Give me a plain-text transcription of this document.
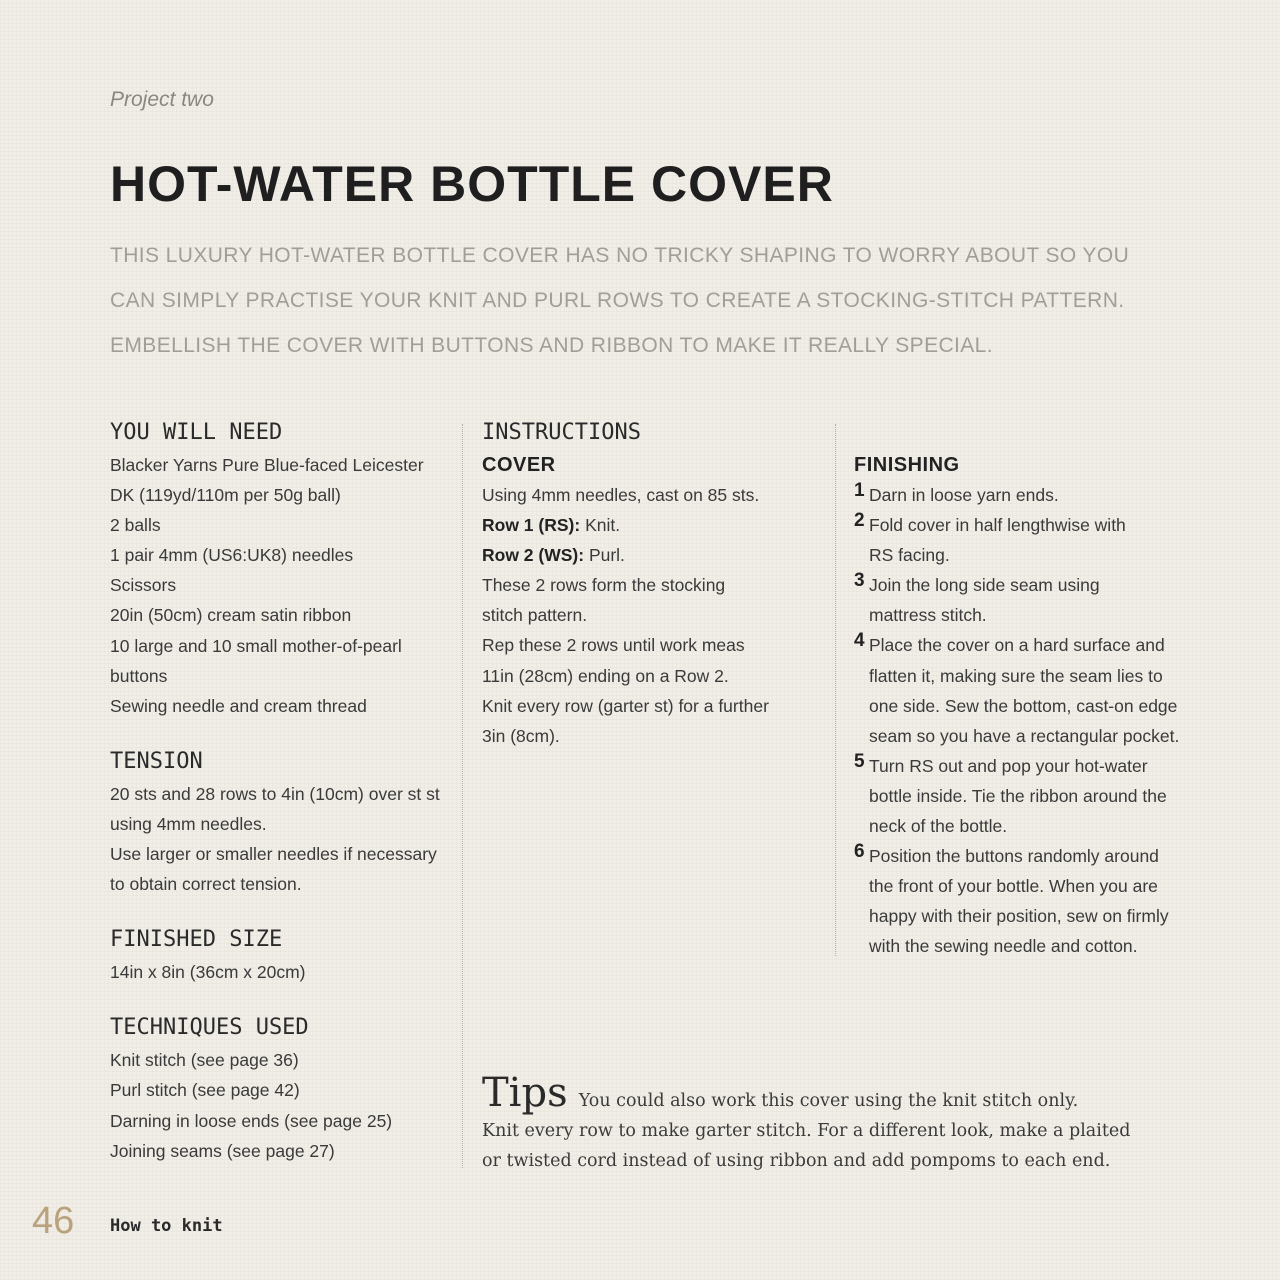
Project two
HOT-WATER BOTTLE COVER
THIS LUXURY HOT-WATER BOTTLE COVER HAS NO TRICKY SHAPING TO WORRY ABOUT SO YOU
CAN SIMPLY PRACTISE YOUR KNIT AND PURL ROWS TO CREATE A STOCKING-STITCH PATTERN.
EMBELLISH THE COVER WITH BUTTONS AND RIBBON TO MAKE IT REALLY SPECIAL.
YOU WILL NEED
Blacker Yarns Pure Blue-faced Leicester
DK (119yd/110m per 50g ball)
2 balls
1 pair 4mm (US6:UK8) needles
Scissors
20in (50cm) cream satin ribbon
10 large and 10 small mother-of-pearl
buttons
Sewing needle and cream thread
TENSION
20 sts and 28 rows to 4in (10cm) over st st
using 4mm needles.
Use larger or smaller needles if necessary
to obtain correct tension.
FINISHED SIZE
14in x 8in (36cm x 20cm)
TECHNIQUES USED
Knit stitch (see page 36)
Purl stitch (see page 42)
Darning in loose ends (see page 25)
Joining seams (see page 27)
INSTRUCTIONS
COVER
Using 4mm needles, cast on 85 sts.
Row 1 (RS): Knit.
Row 2 (WS): Purl.
These 2 rows form the stocking
stitch pattern.
Rep these 2 rows until work meas
11in (28cm) ending on a Row 2.
Knit every row (garter st) for a further
3in (8cm).
FINISHING
1 Darn in loose yarn ends.
2 Fold cover in half lengthwise with
RS facing.
3 Join the long side seam using
mattress stitch.
4 Place the cover on a hard surface and
flatten it, making sure the seam lies to
one side. Sew the bottom, cast-on edge
seam so you have a rectangular pocket.
5 Turn RS out and pop your hot-water
bottle inside. Tie the ribbon around the
neck of the bottle.
6 Position the buttons randomly around
the front of your bottle. When you are
happy with their position, sew on firmly
with the sewing needle and cotton.
Tips You could also work this cover using the knit stitch only.
Knit every row to make garter stitch. For a different look, make a plaited
or twisted cord instead of using ribbon and add pompoms to each end.
46 How to knit
